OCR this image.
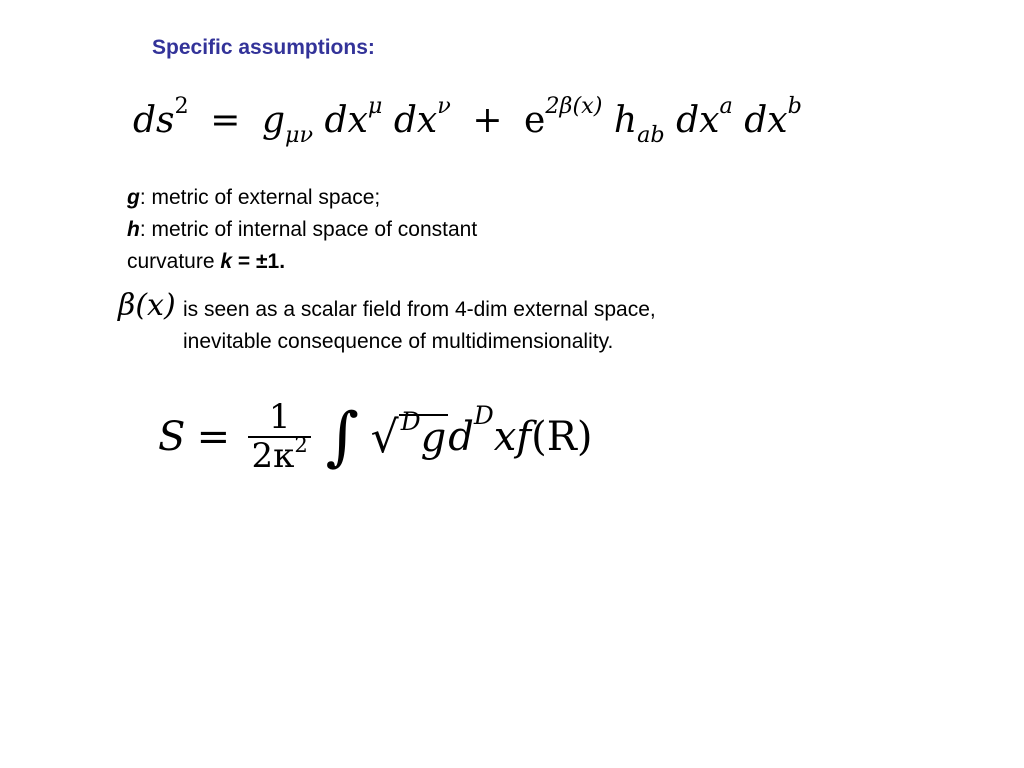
Specific assumptions:
$ds^2 = g_{\mu\nu}$ $dx^\mu$ $dx^\nu + e^{2\beta(x)}$ $h_{ab}$ $dx^a$ $dx^b$
g: metric of external space;
h: metric of internal space of constant
curvature k = ±1.
β(x) is seen as a scalar field from 4-dim external space,
inevitable consequence of multidimensionality.
$S = \frac{1}{2\kappa^2}$ ∫ √ $^D$g d D x f (R)
